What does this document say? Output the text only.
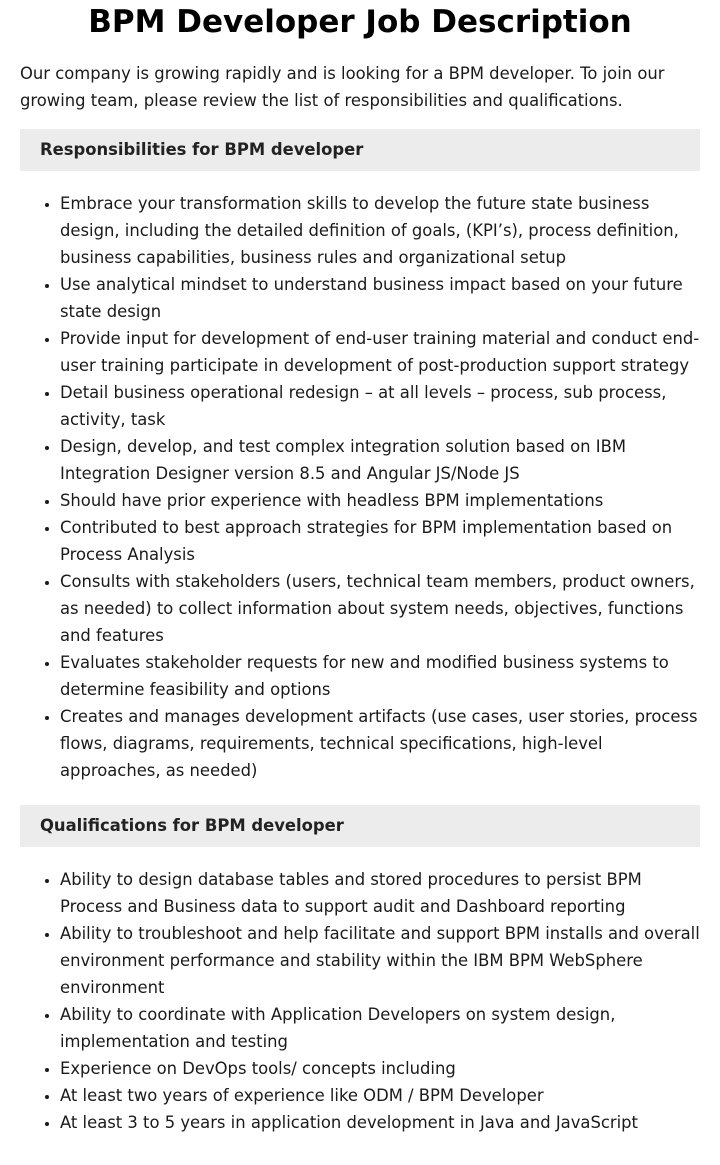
BPM Developer Job Description

Our company is growing rapidly and is looking for a BPM developer. To join our growing team, please review the list of responsibilities and qualifications.

Responsibilities for BPM developer
• Embrace your transformation skills to develop the future state business design, including the detailed definition of goals, (KPI’s), process definition, business capabilities, business rules and organizational setup
• Use analytical mindset to understand business impact based on your future state design
• Provide input for development of end-user training material and conduct end-user training participate in development of post-production support strategy
• Detail business operational redesign – at all levels – process, sub process, activity, task
• Design, develop, and test complex integration solution based on IBM Integration Designer version 8.5 and Angular JS/Node JS
• Should have prior experience with headless BPM implementations
• Contributed to best approach strategies for BPM implementation based on Process Analysis
• Consults with stakeholders (users, technical team members, product owners, as needed) to collect information about system needs, objectives, functions and features
• Evaluates stakeholder requests for new and modified business systems to determine feasibility and options
• Creates and manages development artifacts (use cases, user stories, process flows, diagrams, requirements, technical specifications, high-level approaches, as needed)
Qualifications for BPM developer
• Ability to design database tables and stored procedures to persist BPM Process and Business data to support audit and Dashboard reporting
• Ability to troubleshoot and help facilitate and support BPM installs and overall environment performance and stability within the IBM BPM WebSphere environment
• Ability to coordinate with Application Developers on system design, implementation and testing
• Experience on DevOps tools/ concepts including
• At least two years of experience like ODM / BPM Developer
• At least 3 to 5 years in application development in Java and JavaScript
